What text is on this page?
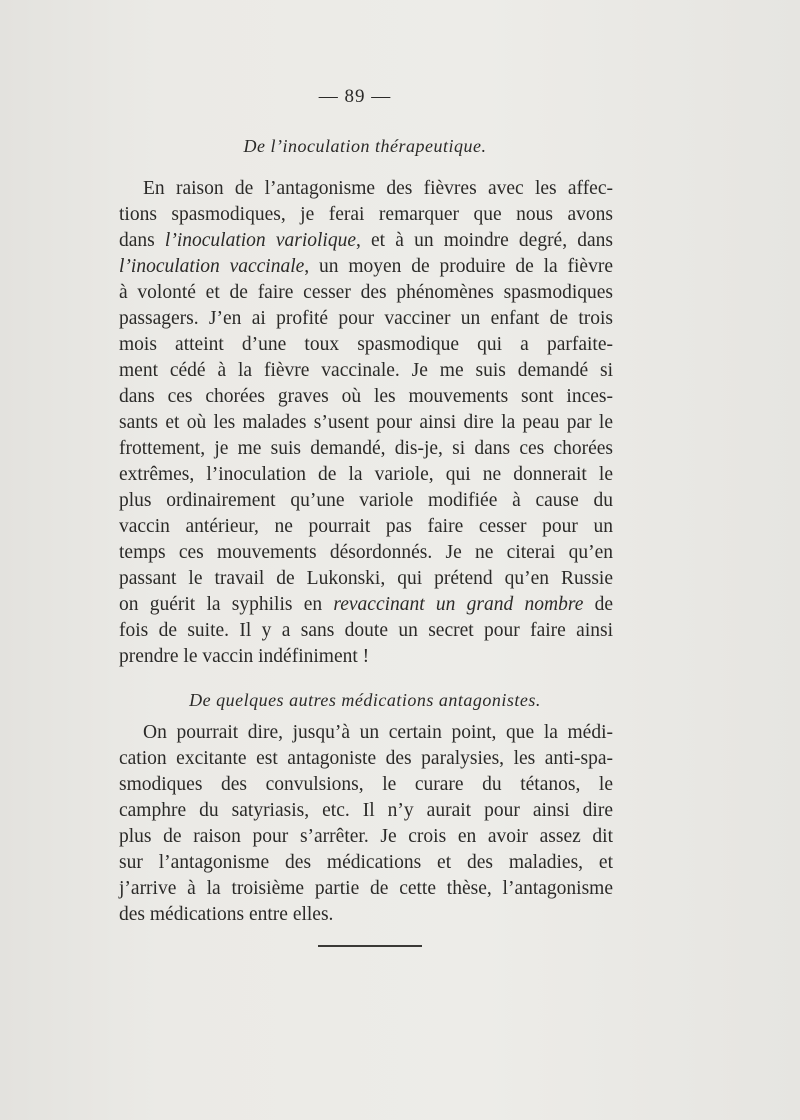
— 89 —
De l’inoculation thérapeutique.
En raison de l’antagonisme des fièvres avec les affec-
tions spasmodiques, je ferai remarquer que nous avons
dans l’inoculation variolique, et à un moindre degré, dans
l’inoculation vaccinale, un moyen de produire de la fièvre
à volonté et de faire cesser des phénomènes spasmodiques
passagers. J’en ai profité pour vacciner un enfant de trois
mois atteint d’une toux spasmodique qui a parfaite-
ment cédé à la fièvre vaccinale. Je me suis demandé si
dans ces chorées graves où les mouvements sont inces-
sants et où les malades s’usent pour ainsi dire la peau par le
frottement, je me suis demandé, dis-je, si dans ces chorées
extrêmes, l’inoculation de la variole, qui ne donnerait le
plus ordinairement qu’une variole modifiée à cause du
vaccin antérieur, ne pourrait pas faire cesser pour un
temps ces mouvements désordonnés. Je ne citerai qu’en
passant le travail de Lukonski, qui prétend qu’en Russie
on guérit la syphilis en revaccinant un grand nombre de
fois de suite. Il y a sans doute un secret pour faire ainsi
prendre le vaccin indéfiniment !
De quelques autres médications antagonistes.
On pourrait dire, jusqu’à un certain point, que la médi-
cation excitante est antagoniste des paralysies, les anti-spa-
smodiques des convulsions, le curare du tétanos, le
camphre du satyriasis, etc. Il n’y aurait pour ainsi dire
plus de raison pour s’arrêter. Je crois en avoir assez dit
sur l’antagonisme des médications et des maladies, et
j’arrive à la troisième partie de cette thèse, l’antagonisme
des médications entre elles.
